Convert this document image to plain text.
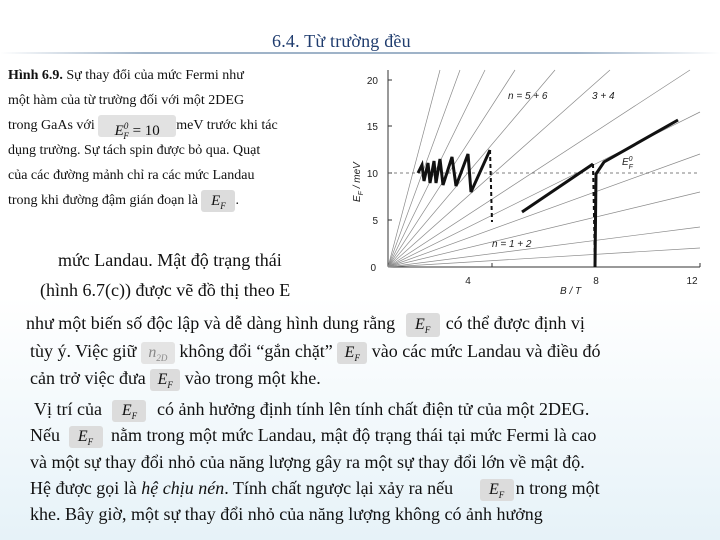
6.4. Từ trường đều
Hình 6.9. Sự thay đổi của mức Fermi như
một hàm của từ trường đối với một 2DEG
trong GaAs với $E^0_F = 10$ meV trước khi tác
dụng trường. Sự tách spin được bỏ qua. Quạt
của các đường mảnh chỉ ra các mức Landau
trong khi đường đậm gián đoạn là $E_F$ .
0
5
10
15
20
4	8	12
B / T
$E_F$ / meV
n = 5 + 6	3 + 4
n = 1 + 2
$E^0$ F
mức Landau. Mật độ trạng thái
(hình 6.7(c)) được vẽ đồ thị theo E
như một biến số độc lập và dễ dàng hình dung rằng $E_F$ có thể được định vị
tùy ý. Việc giữ $n_{2D}$ không đổi “gắn chặt” $E_F$ vào các mức Landau và điều đó
cản trở việc đưa $E_F$ vào trong một khe.
Vị trí của $E_F$ có ảnh hưởng định tính lên tính chất điện tử của một 2DEG.
Nếu $E_F$ nằm trong một mức Landau, mật độ trạng thái tại mức Fermi là cao
và một sự thay đổi nhỏ của năng lượng gây ra một sự thay đổi lớn về mật độ.
Hệ được gọi là hệ chịu nén. Tính chất ngược lại xảy ra nếu $E_F$ n trong một
khe. Bây giờ, một sự thay đổi nhỏ của năng lượng không có ảnh hưởng
